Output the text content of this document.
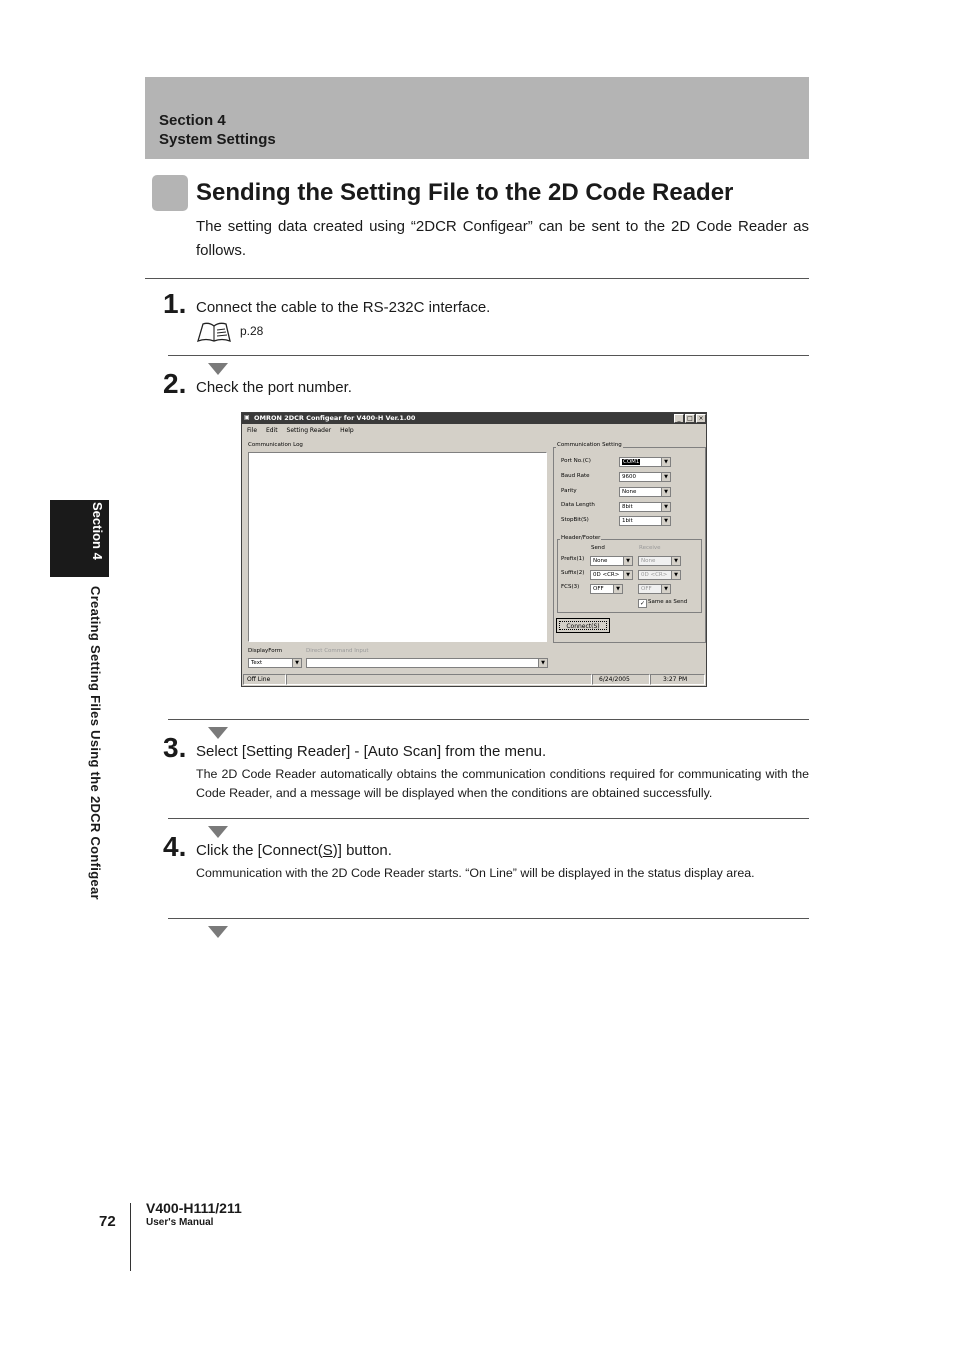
Section 4
System Settings
Sending the Setting File to the 2D Code Reader
The setting data created using “2DCR Configear” can be sent to the 2D Code Reader as follows.
1. Connect the cable to the RS-232C interface.
p.28
2. Check the port number.
▣ OMRON 2DCR Configear for V400-H Ver.1.00	_	□ ×
File Edit Setting Reader Help
Communication Log	Communication Setting
Port No.(C)	COM1	▼
Baud Rate	9600	▼
Parity	None	▼
Data Length	8bit	▼
StopBit(S)	1bit	▼
Header/Footer
Send	Receive
Prefix(1)	None	▼	None	▼
Suffix(2)	0D <CR>	▼	0D <CR>	▼
FCS(3)	OFF	▼	OFF	▼
✓ Same as Send
Connect(S)
DisplayForm
Text	▼
Direct Command Input
▼
Off Line	6/24/2005	3:27 PM
3. Select [Setting Reader] - [Auto Scan] from the menu.
The 2D Code Reader automatically obtains the communication conditions required for communicating with the Code Reader, and a message will be displayed when the conditions are obtained successfully.
4. Click the [Connect(S)] button.
Communication with the 2D Code Reader starts. “On Line” will be displayed in the status display area.
Section 4
Creating Setting Files Using the 2DCR Configear
72
V400-H111/211
User's Manual
